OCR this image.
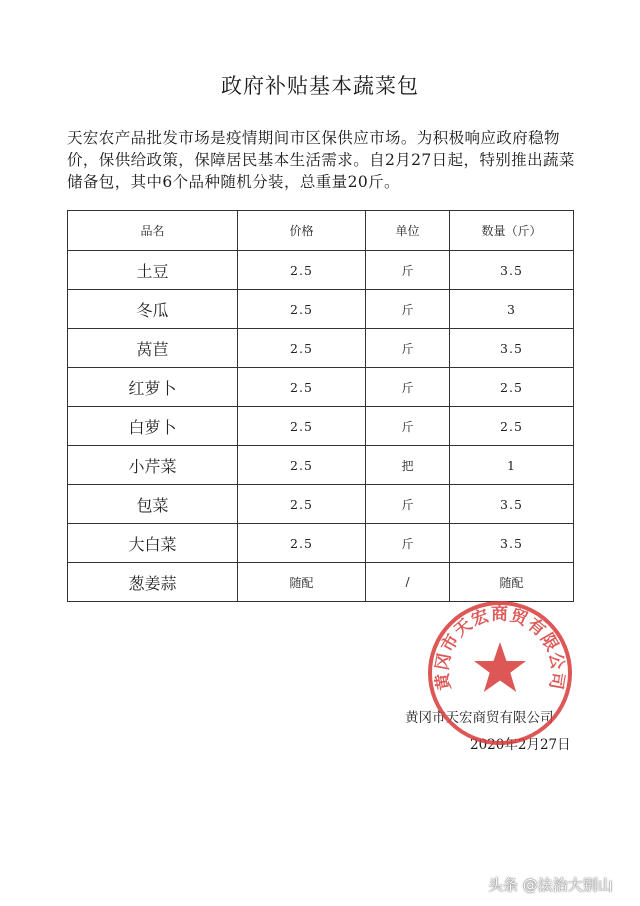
政府补贴基本蔬菜包
天宏农产品批发市场是疫情期间市区保供应市场。为积极响应政府稳物价，保供给政策，保障居民基本生活需求。自2月27日起，特别推出蔬菜储备包，其中6个品种随机分装，总重量20斤。
品名	价格	单位	数量（斤）
土豆	2.5	斤	3.5
冬瓜	2.5	斤	3
莴苣	2.5	斤	3.5
红萝卜	2.5	斤	2.5
白萝卜	2.5	斤	2.5
小芹菜	2.5	把	1
包菜	2.5	斤	3.5
大白菜	2.5	斤	3.5
葱姜蒜	随配	/	随配
黄冈市天宏商贸有限公司
2020年2月27日
黄冈市天宏商贸有限公司
头条 @法治大别山
